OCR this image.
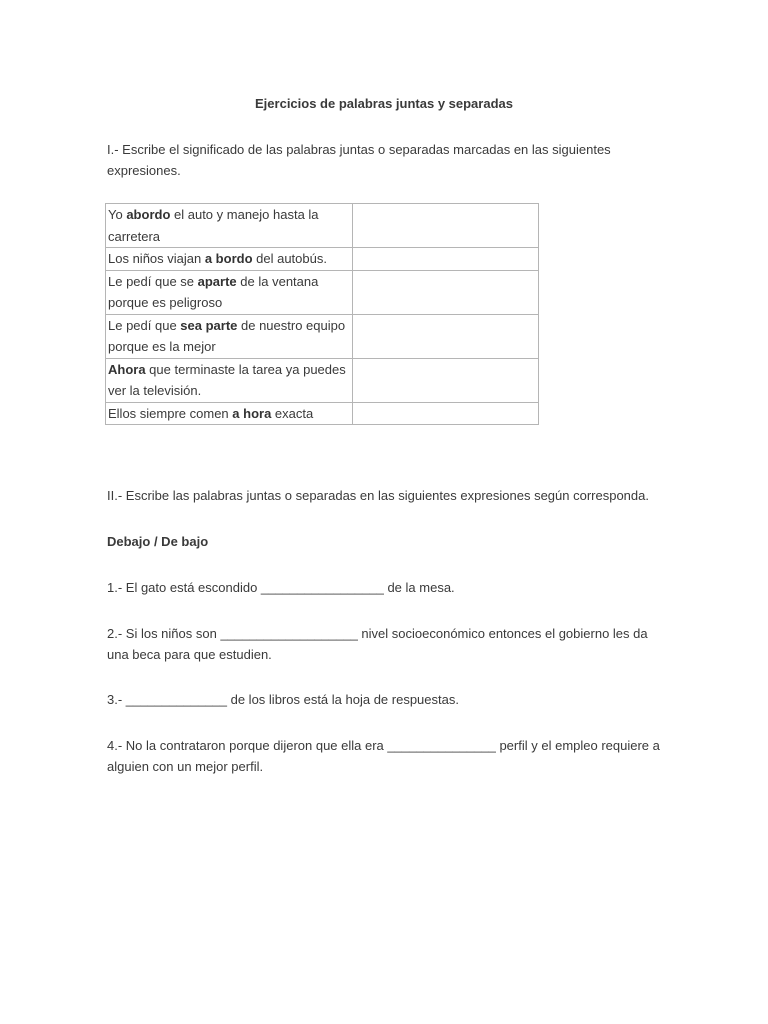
Ejercicios de palabras juntas y separadas

I.- Escribe el significado de las palabras juntas o separadas marcadas en las siguientes expresiones.

Yo abordo el auto y manejo hasta la carretera	
Los niños viajan a bordo del autobús.	
Le pedí que se aparte de la ventana porque es peligroso	
Le pedí que sea parte de nuestro equipo porque es la mejor	
Ahora que terminaste la tarea ya puedes ver la televisión.	
Ellos siempre comen a hora exacta	

II.- Escribe las palabras juntas o separadas en las siguientes expresiones según corresponda.

Debajo / De bajo

1.- El gato está escondido _________________ de la mesa.

2.- Si los niños son ___________________ nivel socioeconómico entonces el gobierno les da una beca para que estudien.

3.- ______________ de los libros está la hoja de respuestas.

4.- No la contrataron porque dijeron que ella era _______________ perfil y el empleo requiere a alguien con un mejor perfil.
